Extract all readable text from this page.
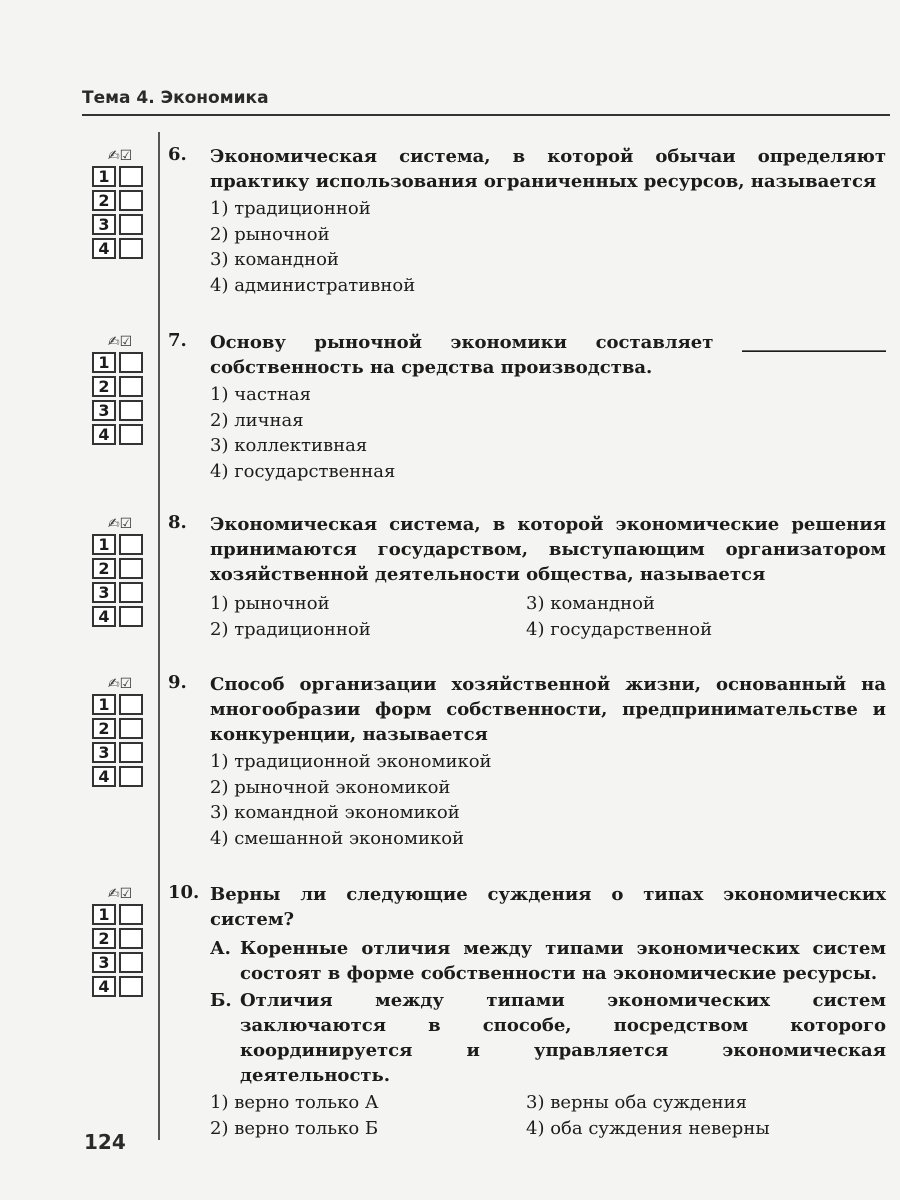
Тема 4. Экономика
✍☑
1
2
3
4
6. Экономическая система, в которой обычаи определяют практику использования ограниченных ресурсов, называется
1) традиционной
2) рыночной
3) командной
4) административной
✍☑
1
2
3
4
7. Основу рыночной экономики составляет ________________ собственность на средства производства.
1) частная
2) личная
3) коллективная
4) государственная
✍☑
1
2
3
4
8. Экономическая система, в которой экономические решения принимаются государством, выступающим организатором хозяйственной деятельности общества, называется
1) рыночной	3) командной
2) традиционной	4) государственной
✍☑
1
2
3
4
9. Способ организации хозяйственной жизни, основанный на многообразии форм собственности, предпринимательстве и конкуренции, называется
1) традиционной экономикой
2) рыночной экономикой
3) командной экономикой
4) смешанной экономикой
✍☑
1
2
3
4
10. Верны ли следующие суждения о типах экономических систем?
А. Коренные отличия между типами экономических систем состоят в форме собственности на экономические ресурсы.
Б. Отличия между типами экономических систем заключаются в способе, посредством которого координируется и управляется экономическая деятельность.
1) верно только А	3) верны оба суждения
2) верно только Б	4) оба суждения неверны
124
